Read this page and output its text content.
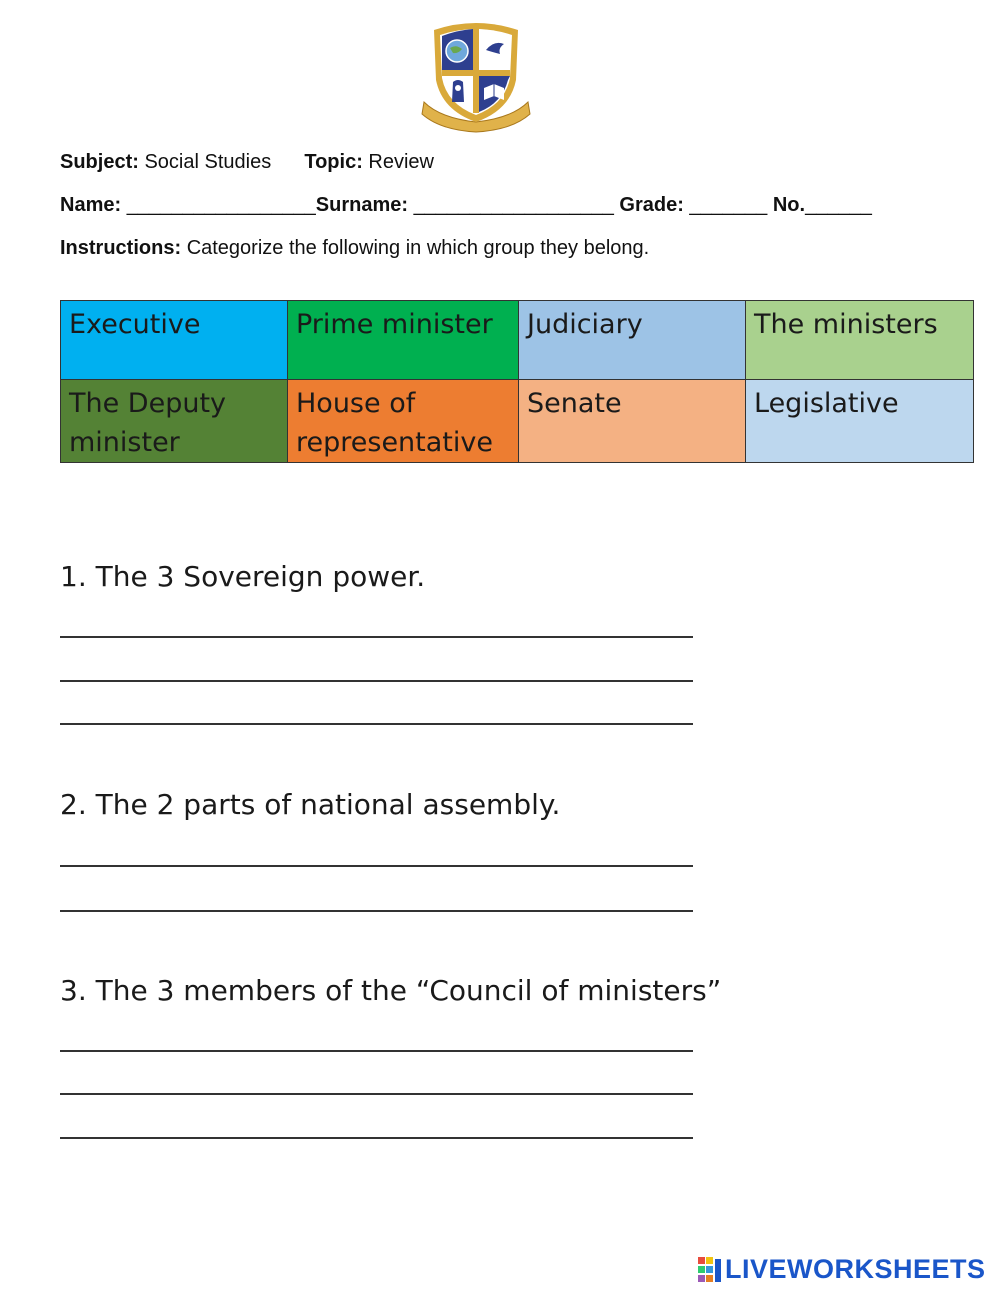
Subject: Social Studies Topic: Review
Name: _________________Surname: __________________ Grade: _______ No.______
Instructions: Categorize the following in which group they belong.
Executive	Prime minister	Judiciary	The ministers
The Deputy minister	House of representative	Senate	Legislative
1. The 3 Sovereign power.
2. The 2 parts of national assembly.
3. The 3 members of the “Council of ministers”
LIVEWORKSHEETS
